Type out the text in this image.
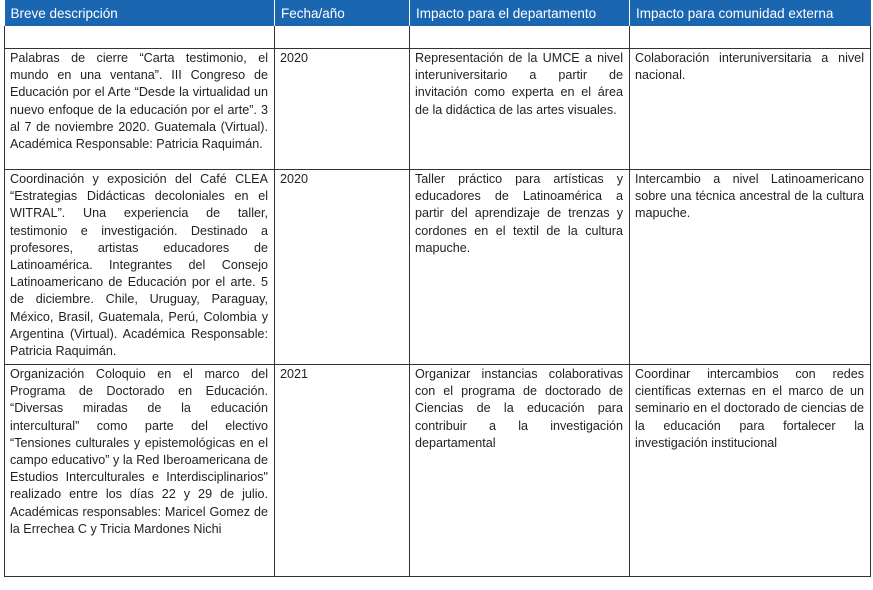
Breve descripción	Fecha/año	Impacto para el departamento	Impacto para comunidad externa

Palabras de cierre “Carta testimonio, el mundo en una ventana”. III Congreso de Educación por el Arte “Desde la virtualidad un nuevo enfoque de la educación por el arte”. 3 al 7 de noviembre 2020. Guatemala (Virtual). Académica Responsable: Patricia Raquimán.	2020	Representación de la UMCE a nivel interuniversitario a partir de invitación como experta en el área de la didáctica de las artes visuales.	Colaboración interuniversitaria a nivel nacional.
Coordinación y exposición del Café CLEA “Estrategias Didácticas decoloniales en el WITRAL”. Una experiencia de taller, testimonio e investigación. Destinado a profesores, artistas educadores de Latinoamérica. Integrantes del Consejo Latinoamericano de Educación por el arte. 5 de diciembre. Chile, Uruguay, Paraguay, México, Brasil, Guatemala, Perú, Colombia y Argentina (Virtual). Académica Responsable: Patricia Raquimán.	2020	Taller práctico para artísticas y educadores de Latinoamérica a partir del aprendizaje de trenzas y cordones en el textil de la cultura mapuche.	Intercambio a nivel Latinoamericano sobre una técnica ancestral de la cultura mapuche.
Organización Coloquio en el marco del Programa de Doctorado en Educación. “Diversas miradas de la educación intercultural” como parte del electivo “Tensiones culturales y epistemológicas en el campo educativo” y la Red Iberoamericana de Estudios Interculturales e Interdisciplinarios" realizado entre los días 22 y 29 de julio. Académicas responsables: Maricel Gomez de la Errechea C y Tricia Mardones Nichi	2021	Organizar instancias colaborativas con el programa de doctorado de Ciencias de la educación para contribuir a la investigación departamental	Coordinar intercambios con redes científicas externas en el marco de un seminario en el doctorado de ciencias de la educación para fortalecer la investigación institucional
